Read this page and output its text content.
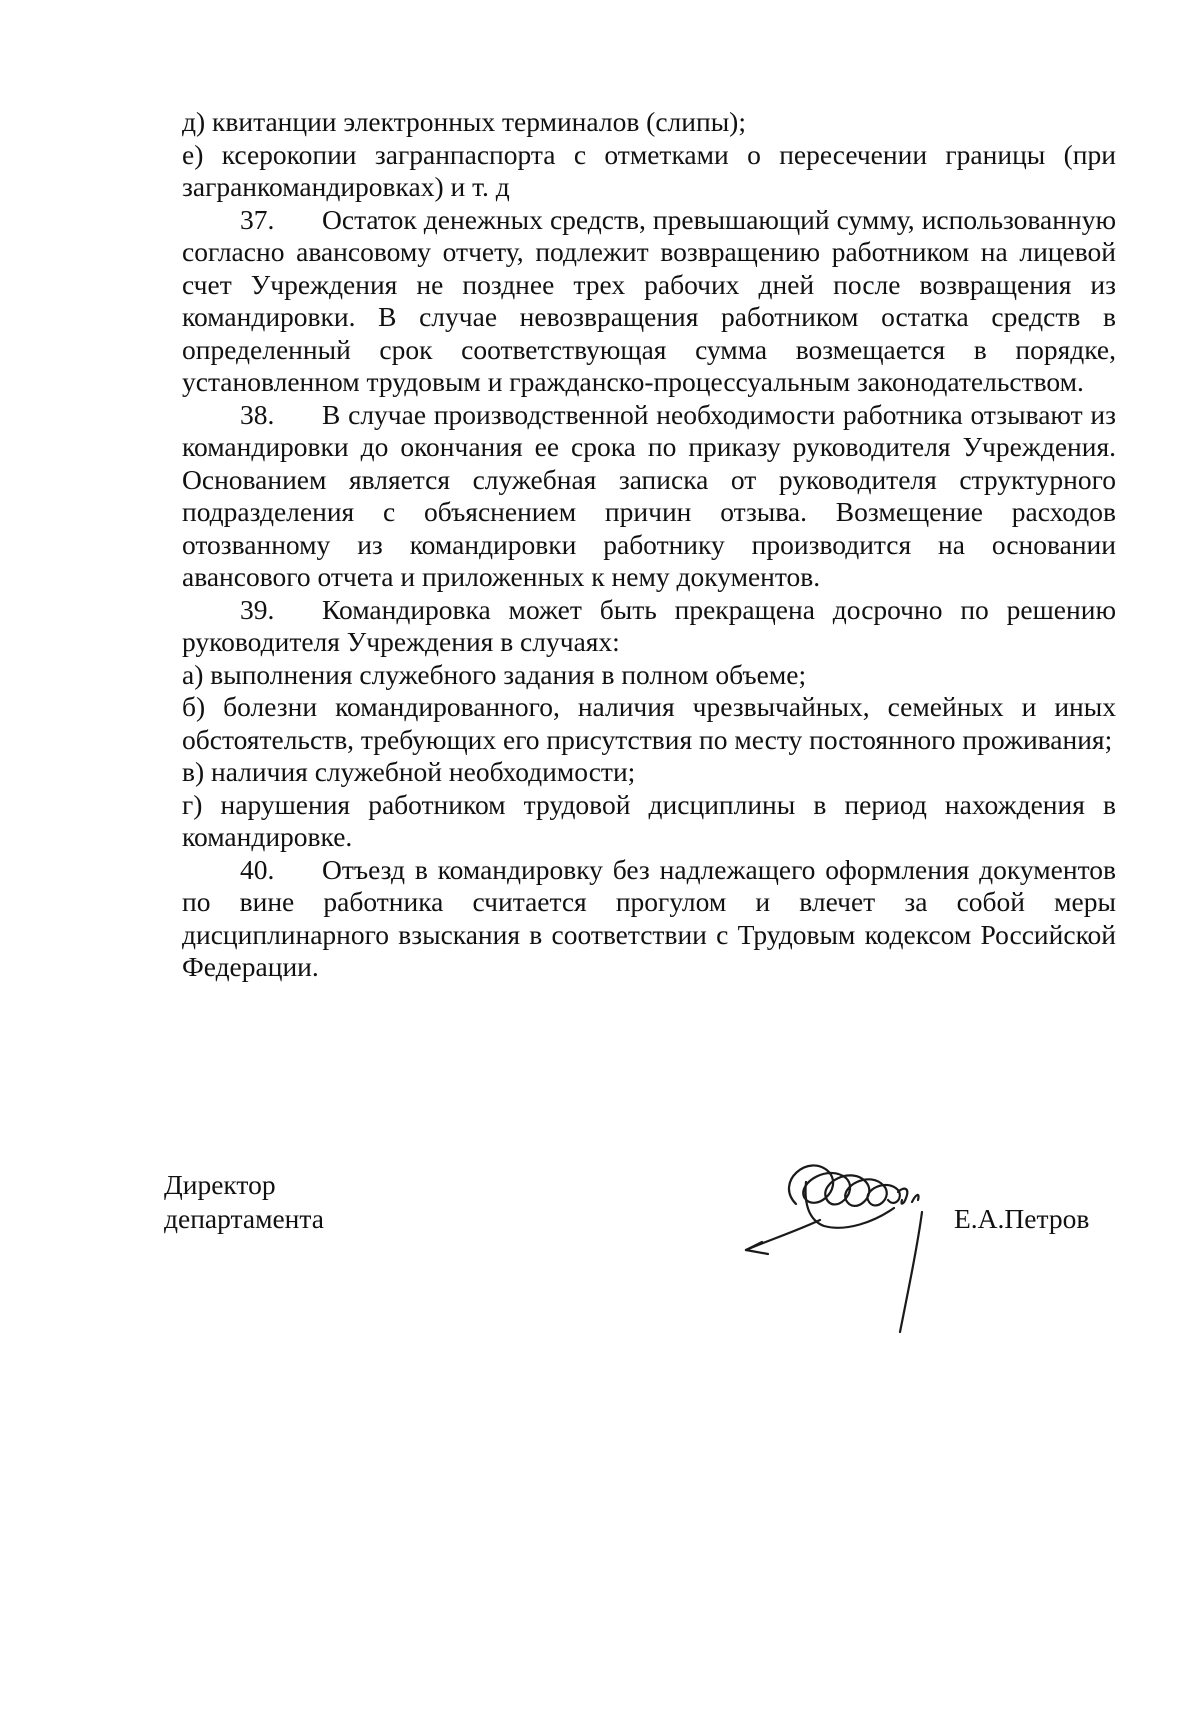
д) квитанции электронных терминалов (слипы);

е) ксерокопии загранпаспорта с отметками о пересечении границы (при загранкомандировках) и т. д

37. Остаток денежных средств, превышающий сумму, использованную согласно авансовому отчету, подлежит возвращению работником на лицевой счет Учреждения не позднее трех рабочих дней после возвращения из командировки. В случае невозвращения работником остатка средств в определенный срок соответствующая сумма возмещается в порядке, установленном трудовым и гражданско-процессуальным законодательством.

38. В случае производственной необходимости работника отзывают из командировки до окончания ее срока по приказу руководителя Учреждения. Основанием является служебная записка от руководителя структурного подразделения с объяснением причин отзыва. Возмещение расходов отозванному из командировки работнику производится на основании авансового отчета и приложенных к нему документов.

39. Командировка может быть прекращена досрочно по решению руководителя Учреждения в случаях:

а) выполнения служебного задания в полном объеме;

б) болезни командированного, наличия чрезвычайных, семейных и иных обстоятельств, требующих его присутствия по месту постоянного проживания;

в) наличия служебной необходимости;

г) нарушения работником трудовой дисциплины в период нахождения в командировке.

40. Отъезд в командировку без надлежащего оформления документов по вине работника считается прогулом и влечет за собой меры дисциплинарного взыскания в соответствии с Трудовым кодексом Российской Федерации.

Директор
департамента	Е.А.Петров
